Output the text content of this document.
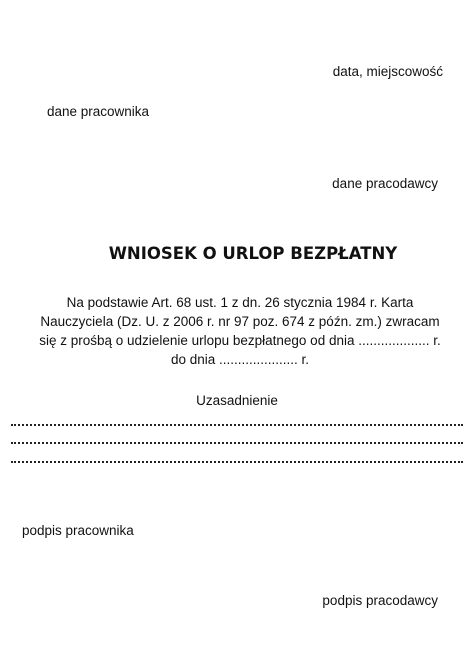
data, miejscowość
dane pracownika
dane pracodawcy
WNIOSEK O URLOP BEZPŁATNY
Na podstawie Art. 68 ust. 1 z dn. 26 stycznia 1984 r. Karta
Nauczyciela (Dz. U. z 2006 r. nr 97 poz. 674 z późn. zm.) zwracam
się z prośbą o udzielenie urlopu bezpłatnego od dnia ................... r.
do dnia ..................... r.
Uzasadnienie
podpis pracownika
podpis pracodawcy
